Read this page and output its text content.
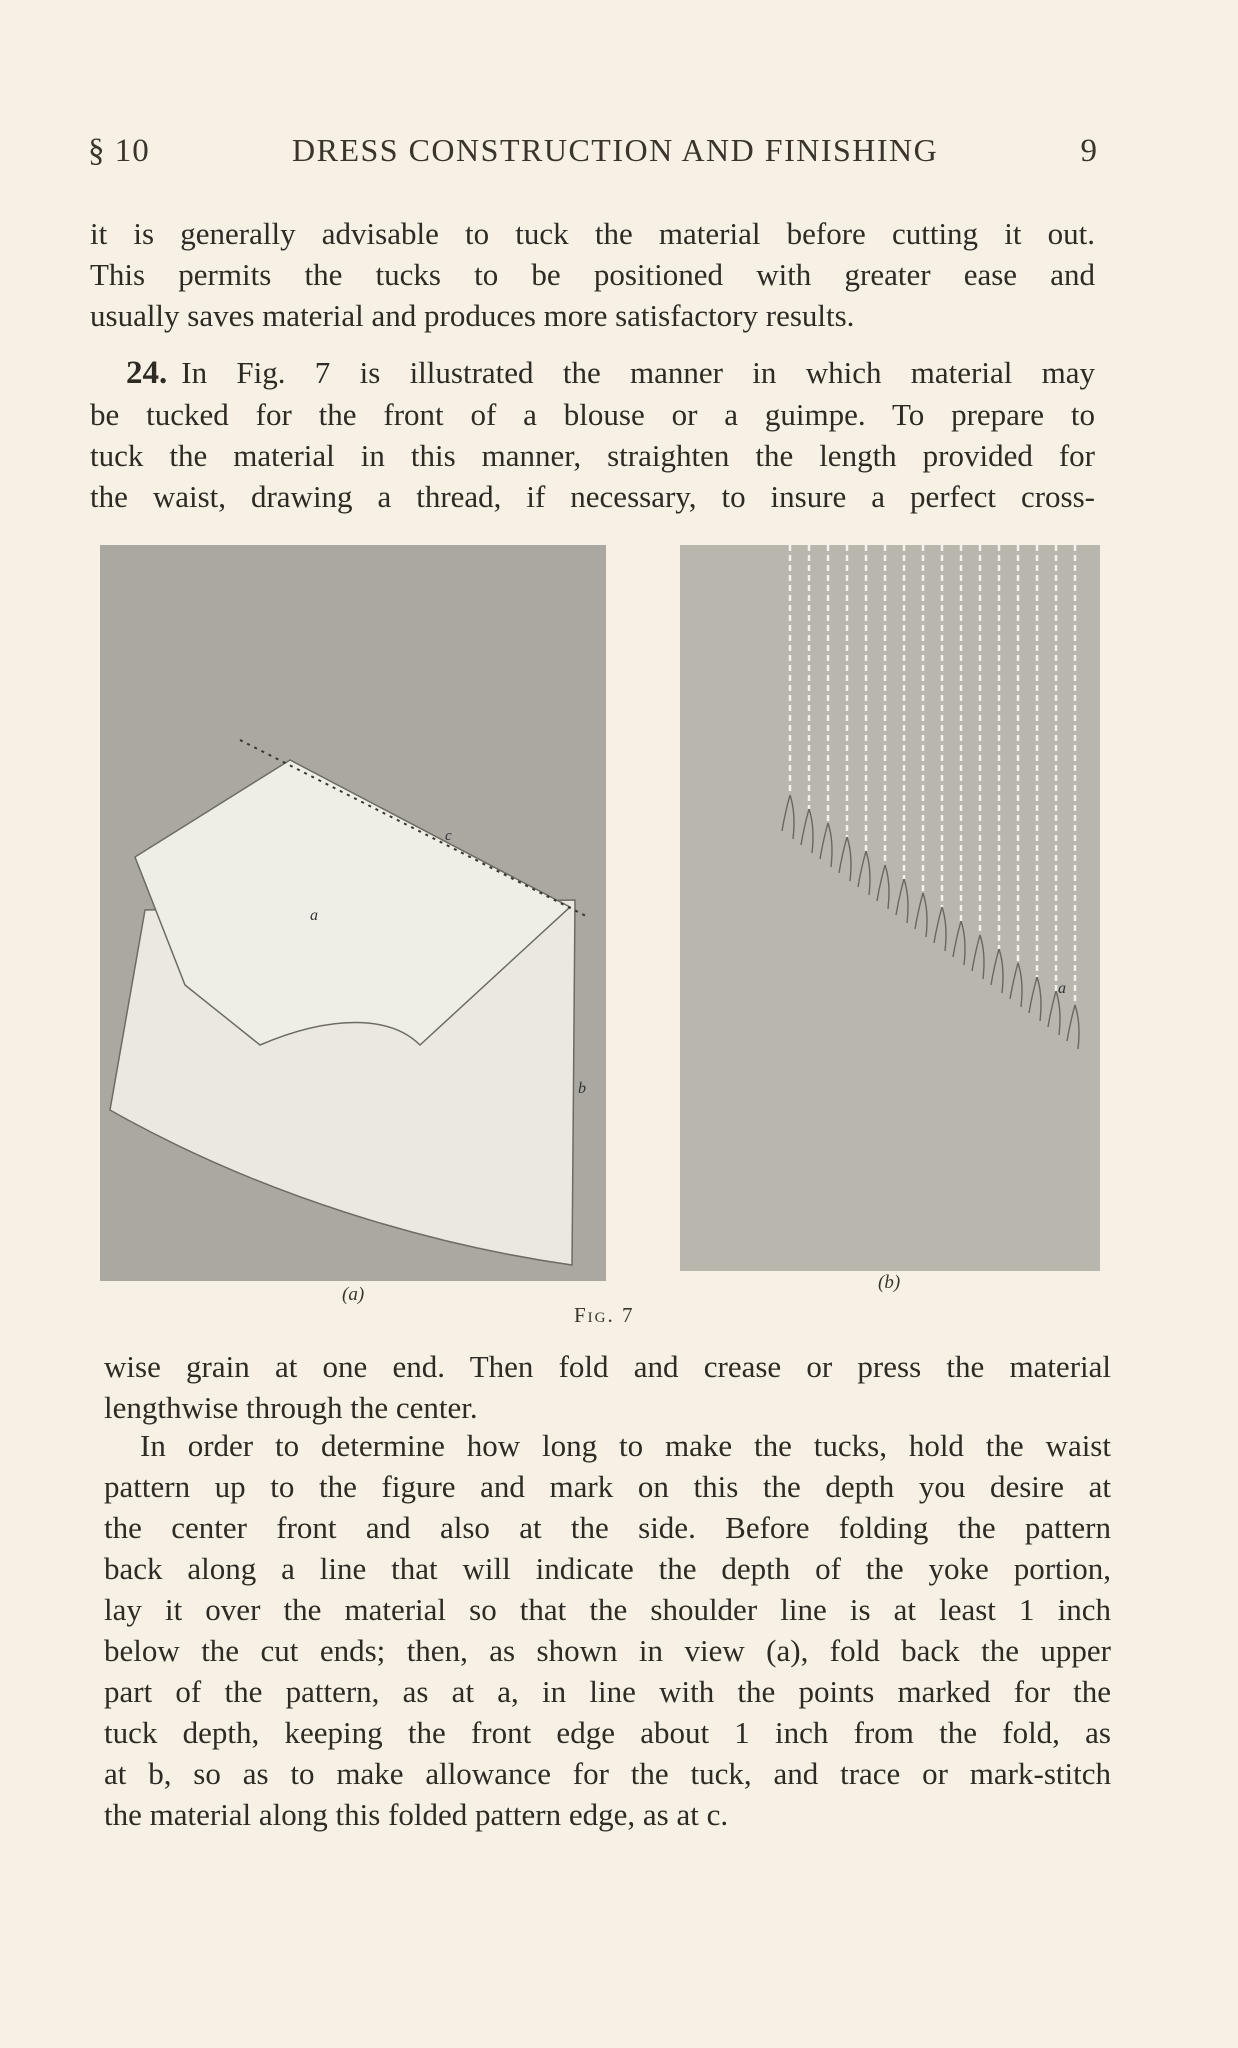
§ 10	DRESS CONSTRUCTION AND FINISHING	9
it is generally advisable to tuck the material before cutting it out.
This permits the tucks to be positioned with greater ease and
usually saves material and produces more satisfactory results.
24. In Fig. 7 is illustrated the manner in which material may
be tucked for the front of a blouse or a guimpe. To prepare to
tuck the material in this manner, straighten the length provided for
the waist, drawing a thread, if necessary, to insure a perfect cross-
a
b
c
a
(a)
(b)
Fig. 7
wise grain at one end. Then fold and crease or press the material
lengthwise through the center.
In order to determine how long to make the tucks, hold the waist
pattern up to the figure and mark on this the depth you desire at
the center front and also at the side. Before folding the pattern
back along a line that will indicate the depth of the yoke portion,
lay it over the material so that the shoulder line is at least 1 inch
below the cut ends; then, as shown in view (a), fold back the upper
part of the pattern, as at a, in line with the points marked for the
tuck depth, keeping the front edge about 1 inch from the fold, as
at b, so as to make allowance for the tuck, and trace or mark-stitch
the material along this folded pattern edge, as at c.
